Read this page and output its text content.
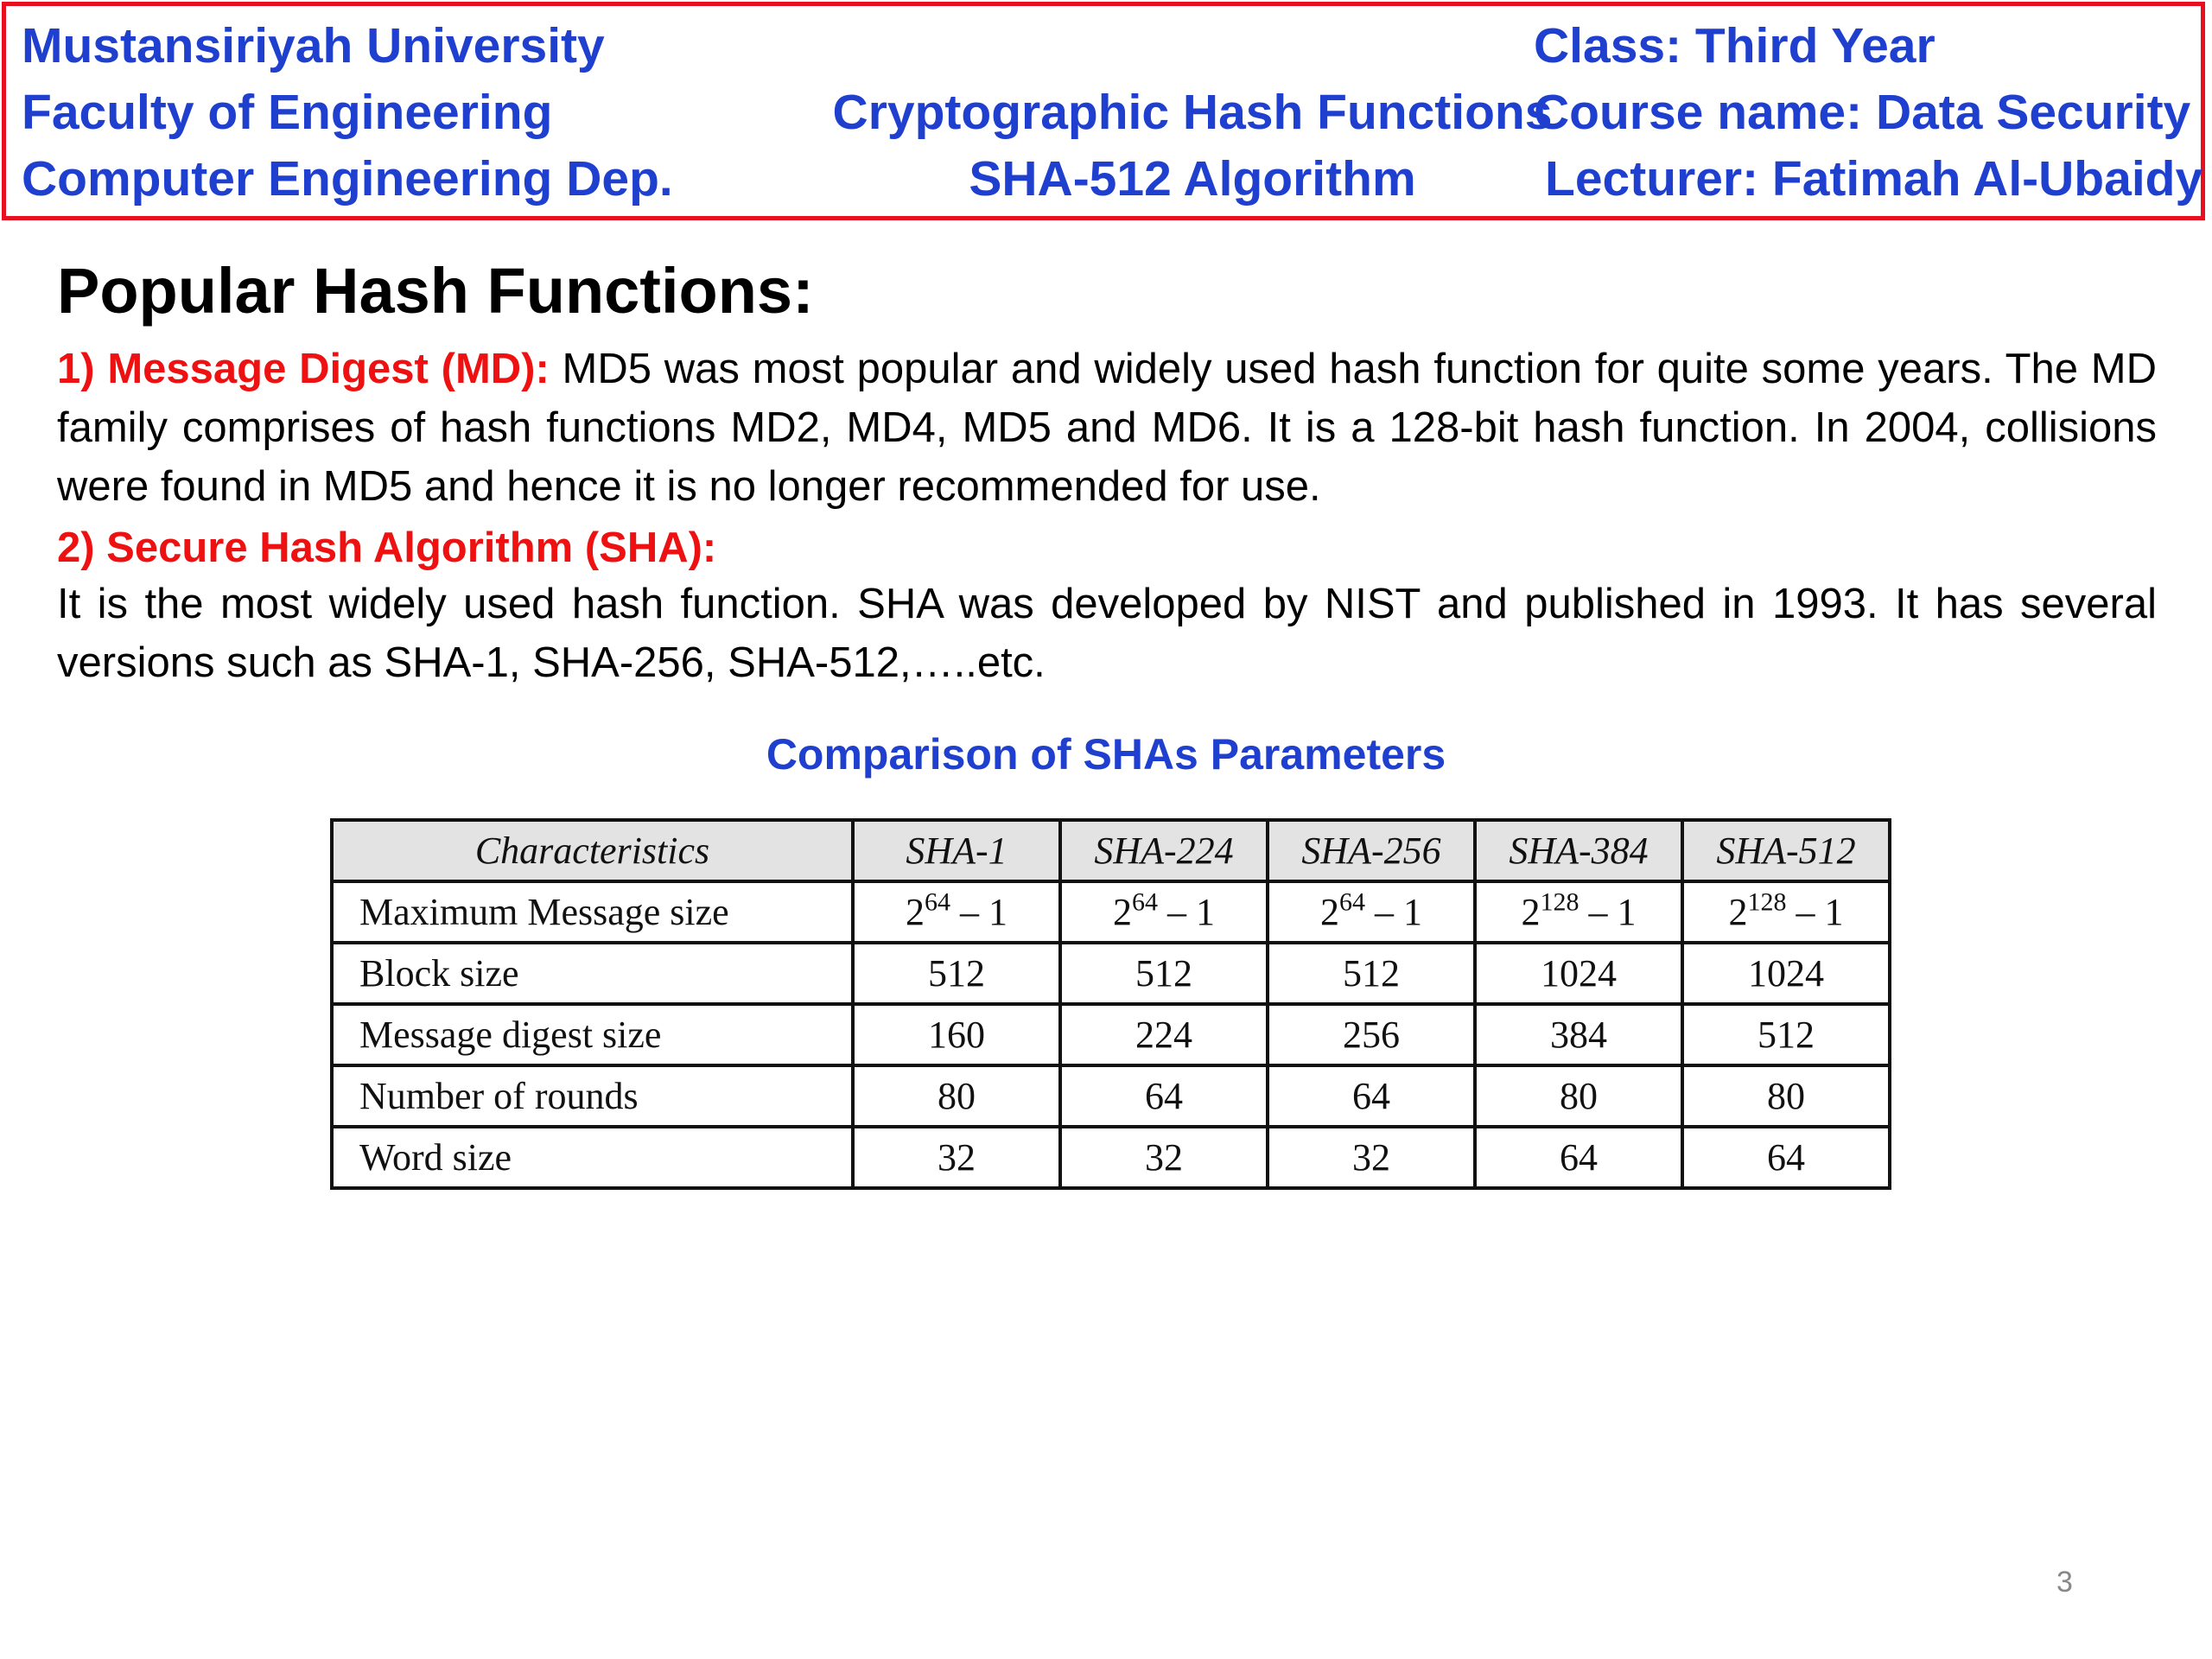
Mustansiriyah University
Faculty of Engineering
Computer Engineering Dep.
Cryptographic Hash Functions
SHA-512 Algorithm
Class: Third Year
Course name: Data Security
Lecturer: Fatimah Al-Ubaidy
Popular Hash Functions:

1) Message Digest (MD): MD5 was most popular and widely used hash function for quite some years. The MD family comprises of hash functions MD2, MD4, MD5 and MD6. It is a 128-bit hash function. In 2004, collisions were found in MD5 and hence it is no longer recommended for use.

2) Secure Hash Algorithm (SHA):

It is the most widely used hash function. SHA was developed by NIST and published in 1993. It has several versions such as SHA-1, SHA-256, SHA-512,…..etc.

Comparison of SHAs Parameters
Characteristics	SHA-1	SHA-224	SHA-256	SHA-384	SHA-512
Maximum Message size	$2^{64} - 1$	$2^{64} - 1$	$2^{64} - 1$	$2^{128} - 1$	$2^{128} - 1$
Block size	512	512	512	1024	1024
Message digest size	160	224	256	384	512
Number of rounds	80	64	64	80	80
Word size	32	32	32	64	64
3
